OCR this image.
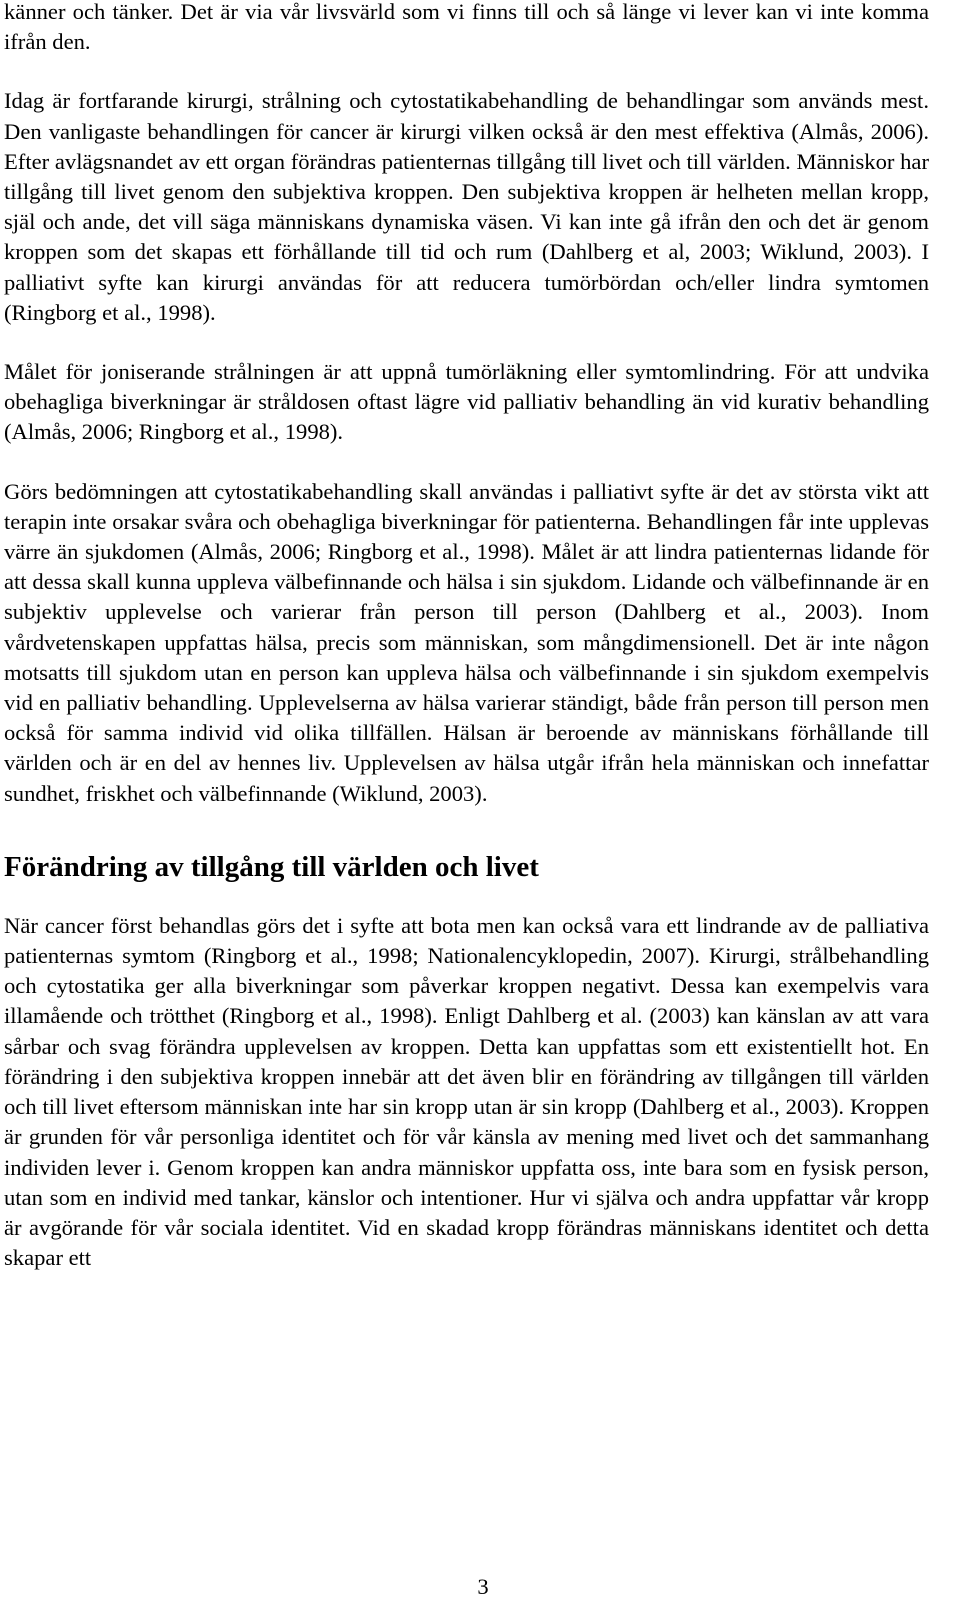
känner och tänker. Det är via vår livsvärld som vi finns till och så länge vi lever kan vi inte komma ifrån den.

Idag är fortfarande kirurgi, strålning och cytostatikabehandling de behandlingar som används mest. Den vanligaste behandlingen för cancer är kirurgi vilken också är den mest effektiva (Almås, 2006). Efter avlägsnandet av ett organ förändras patienternas tillgång till livet och till världen. Människor har tillgång till livet genom den subjektiva kroppen. Den subjektiva kroppen är helheten mellan kropp, själ och ande, det vill säga människans dynamiska väsen. Vi kan inte gå ifrån den och det är genom kroppen som det skapas ett förhållande till tid och rum (Dahlberg et al, 2003; Wiklund, 2003). I palliativt syfte kan kirurgi användas för att reducera tumörbördan och/eller lindra symtomen (Ringborg et al., 1998).

Målet för joniserande strålningen är att uppnå tumörläkning eller symtomlindring. För att undvika obehagliga biverkningar är stråldosen oftast lägre vid palliativ behandling än vid kurativ behandling (Almås, 2006; Ringborg et al., 1998).

Görs bedömningen att cytostatikabehandling skall användas i palliativt syfte är det av största vikt att terapin inte orsakar svåra och obehagliga biverkningar för patienterna. Behandlingen får inte upplevas värre än sjukdomen (Almås, 2006; Ringborg et al., 1998). Målet är att lindra patienternas lidande för att dessa skall kunna uppleva välbefinnande och hälsa i sin sjukdom. Lidande och välbefinnande är en subjektiv upplevelse och varierar från person till person (Dahlberg et al., 2003). Inom vårdvetenskapen uppfattas hälsa, precis som människan, som mångdimensionell. Det är inte någon motsatts till sjukdom utan en person kan uppleva hälsa och välbefinnande i sin sjukdom exempelvis vid en palliativ behandling. Upplevelserna av hälsa varierar ständigt, både från person till person men också för samma individ vid olika tillfällen. Hälsan är beroende av människans förhållande till världen och är en del av hennes liv. Upplevelsen av hälsa utgår ifrån hela människan och innefattar sundhet, friskhet och välbefinnande (Wiklund, 2003).

Förändring av tillgång till världen och livet

När cancer först behandlas görs det i syfte att bota men kan också vara ett lindrande av de palliativa patienternas symtom (Ringborg et al., 1998; Nationalencyklopedin, 2007). Kirurgi, strålbehandling och cytostatika ger alla biverkningar som påverkar kroppen negativt. Dessa kan exempelvis vara illamående och trötthet (Ringborg et al., 1998). Enligt Dahlberg et al. (2003) kan känslan av att vara sårbar och svag förändra upplevelsen av kroppen. Detta kan uppfattas som ett existentiellt hot. En förändring i den subjektiva kroppen innebär att det även blir en förändring av tillgången till världen och till livet eftersom människan inte har sin kropp utan är sin kropp (Dahlberg et al., 2003). Kroppen är grunden för vår personliga identitet och för vår känsla av mening med livet och det sammanhang individen lever i. Genom kroppen kan andra människor uppfatta oss, inte bara som en fysisk person, utan som en individ med tankar, känslor och intentioner. Hur vi själva och andra uppfattar vår kropp är avgörande för vår sociala identitet. Vid en skadad kropp förändras människans identitet och detta skapar ett

3
